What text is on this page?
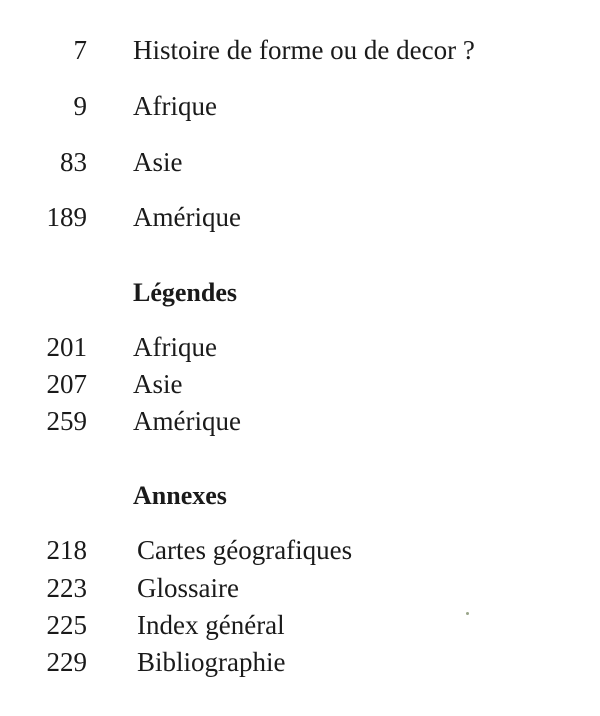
7 Histoire de forme ou de decor ?
9 Afrique
83 Asie
189 Amérique
Légendes
201 Afrique
207 Asie
259 Amérique
Annexes
218 Cartes géografiques
223 Glossaire
225 Index général
229 Bibliographie
